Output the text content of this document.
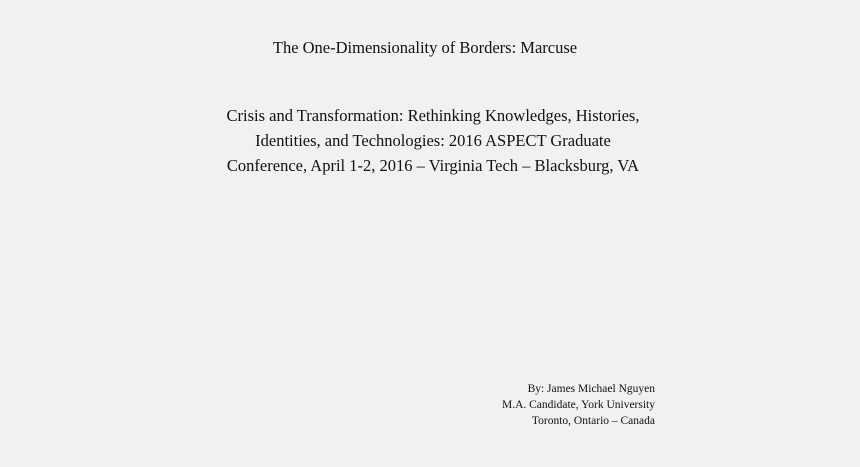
The One-Dimensionality of Borders: Marcuse
Crisis and Transformation: Rethinking Knowledges, Histories,
Identities, and Technologies: 2016 ASPECT Graduate
Conference, April 1-2, 2016 – Virginia Tech – Blacksburg, VA
By: James Michael Nguyen
M.A. Candidate, York University
Toronto, Ontario – Canada
